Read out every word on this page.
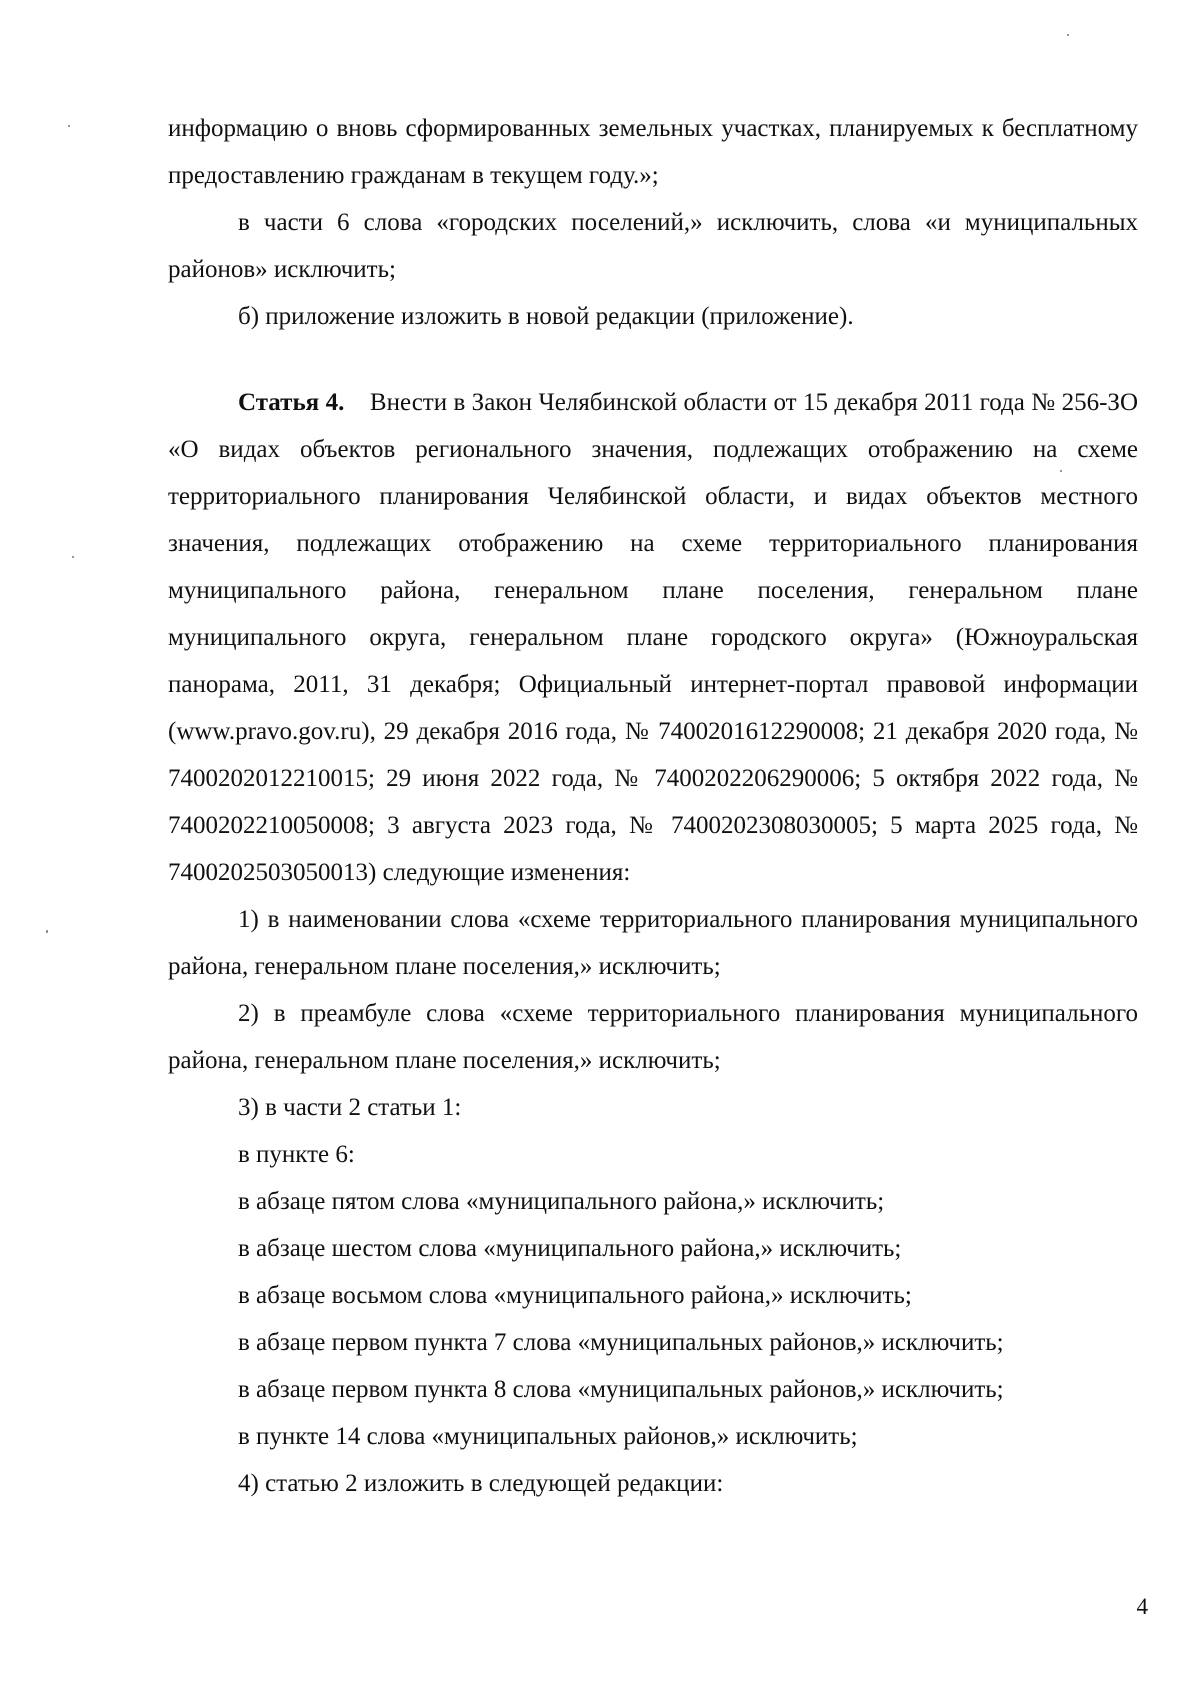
информацию о вновь сформированных земельных участках, планируемых к бесплатному предоставлению гражданам в текущем году.»;

в части 6 слова «городских поселений,» исключить, слова «и муниципальных районов» исключить;

б) приложение изложить в новой редакции (приложение).

Статья 4. Внести в Закон Челябинской области от 15 декабря 2011 года № 256-ЗО «О видах объектов регионального значения, подлежащих отображению на схеме территориального планирования Челябинской области, и видах объектов местного значения, подлежащих отображению на схеме территориального планирования муниципального района, генеральном плане поселения, генеральном плане муниципального округа, генеральном плане городского округа» (Южноуральская панорама, 2011, 31 декабря; Официальный интернет-портал правовой информации (www.pravo.gov.ru), 29 декабря 2016 года, № 7400201612290008; 21 декабря 2020 года, № 7400202012210015; 29 июня 2022 года, № 7400202206290006; 5 октября 2022 года, № 7400202210050008; 3 августа 2023 года, № 7400202308030005; 5 марта 2025 года, № 7400202503050013) следующие изменения:

1) в наименовании слова «схеме территориального планирования муниципального района, генеральном плане поселения,» исключить;

2) в преамбуле слова «схеме территориального планирования муниципального района, генеральном плане поселения,» исключить;

3) в части 2 статьи 1:

в пункте 6:

в абзаце пятом слова «муниципального района,» исключить;

в абзаце шестом слова «муниципального района,» исключить;

в абзаце восьмом слова «муниципального района,» исключить;

в абзаце первом пункта 7 слова «муниципальных районов,» исключить;

в абзаце первом пункта 8 слова «муниципальных районов,» исключить;

в пункте 14 слова «муниципальных районов,» исключить;

4) статью 2 изложить в следующей редакции:

4
